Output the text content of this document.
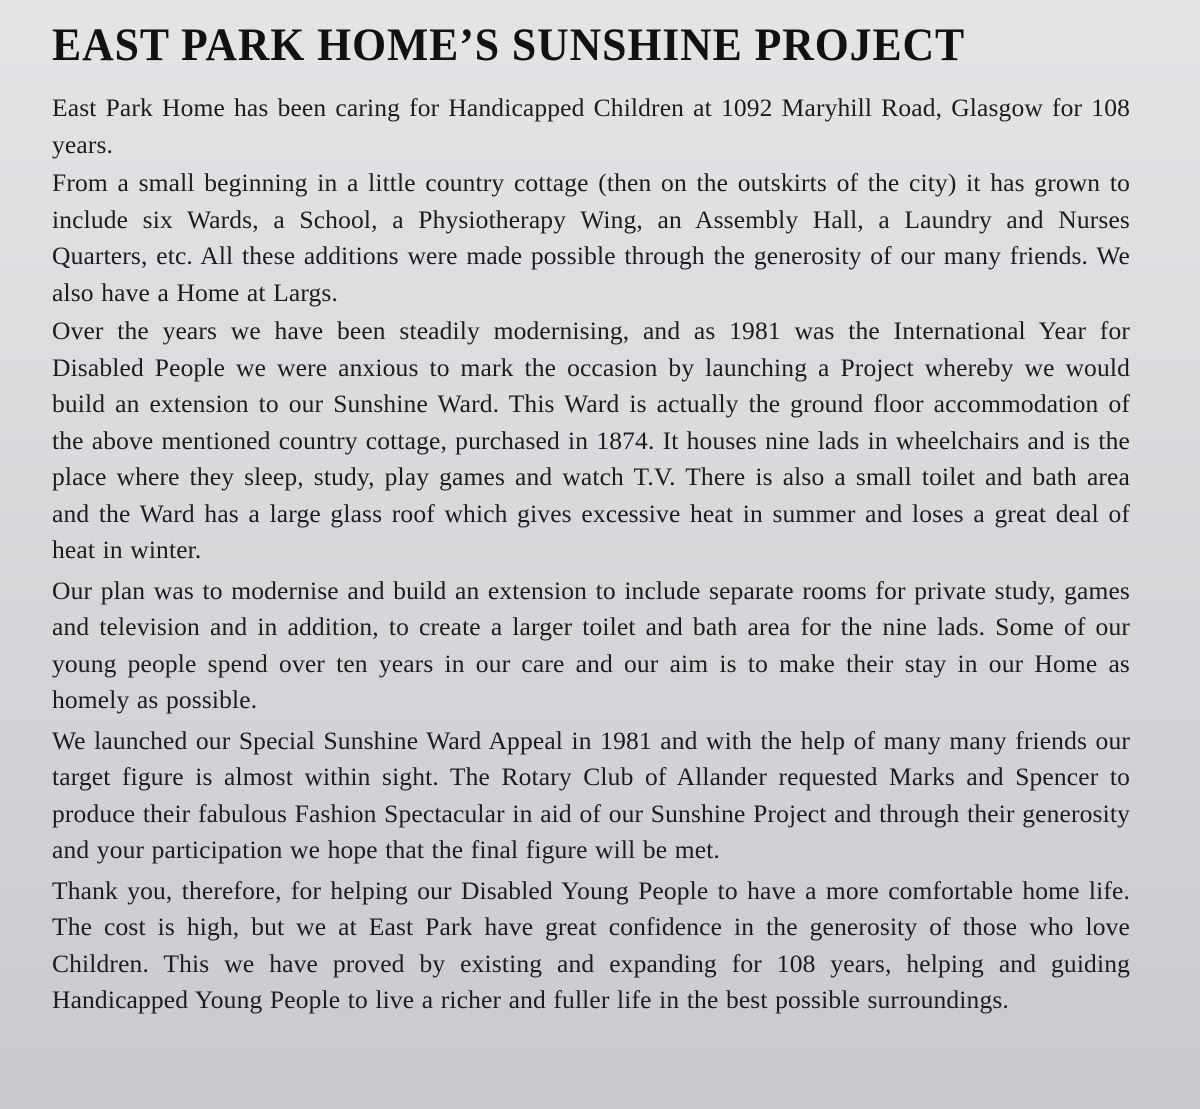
EAST PARK HOME’S SUNSHINE PROJECT

East Park Home has been caring for Handicapped Children at 1092 Maryhill Road, Glasgow for 108 years.

From a small beginning in a little country cottage (then on the outskirts of the city) it has grown to include six Wards, a School, a Physiotherapy Wing, an Assembly Hall, a Laundry and Nurses Quarters, etc. All these additions were made possible through the generosity of our many friends. We also have a Home at Largs.

Over the years we have been steadily modernising, and as 1981 was the International Year for Disabled People we were anxious to mark the occasion by launching a Project whereby we would build an extension to our Sunshine Ward. This Ward is actually the ground floor accommodation of the above mentioned country cottage, purchased in 1874. It houses nine lads in wheelchairs and is the place where they sleep, study, play games and watch T.V. There is also a small toilet and bath area and the Ward has a large glass roof which gives excessive heat in summer and loses a great deal of heat in winter.

Our plan was to modernise and build an extension to include separate rooms for private study, games and television and in addition, to create a larger toilet and bath area for the nine lads. Some of our young people spend over ten years in our care and our aim is to make their stay in our Home as homely as possible.

We launched our Special Sunshine Ward Appeal in 1981 and with the help of many many friends our target figure is almost within sight. The Rotary Club of Allander requested Marks and Spencer to produce their fabulous Fashion Spectacular in aid of our Sunshine Project and through their generosity and your participation we hope that the final figure will be met.

Thank you, therefore, for helping our Disabled Young People to have a more comfortable home life. The cost is high, but we at East Park have great confidence in the generosity of those who love Children. This we have proved by existing and expanding for 108 years, helping and guiding Handicapped Young People to live a richer and fuller life in the best possible surroundings.
